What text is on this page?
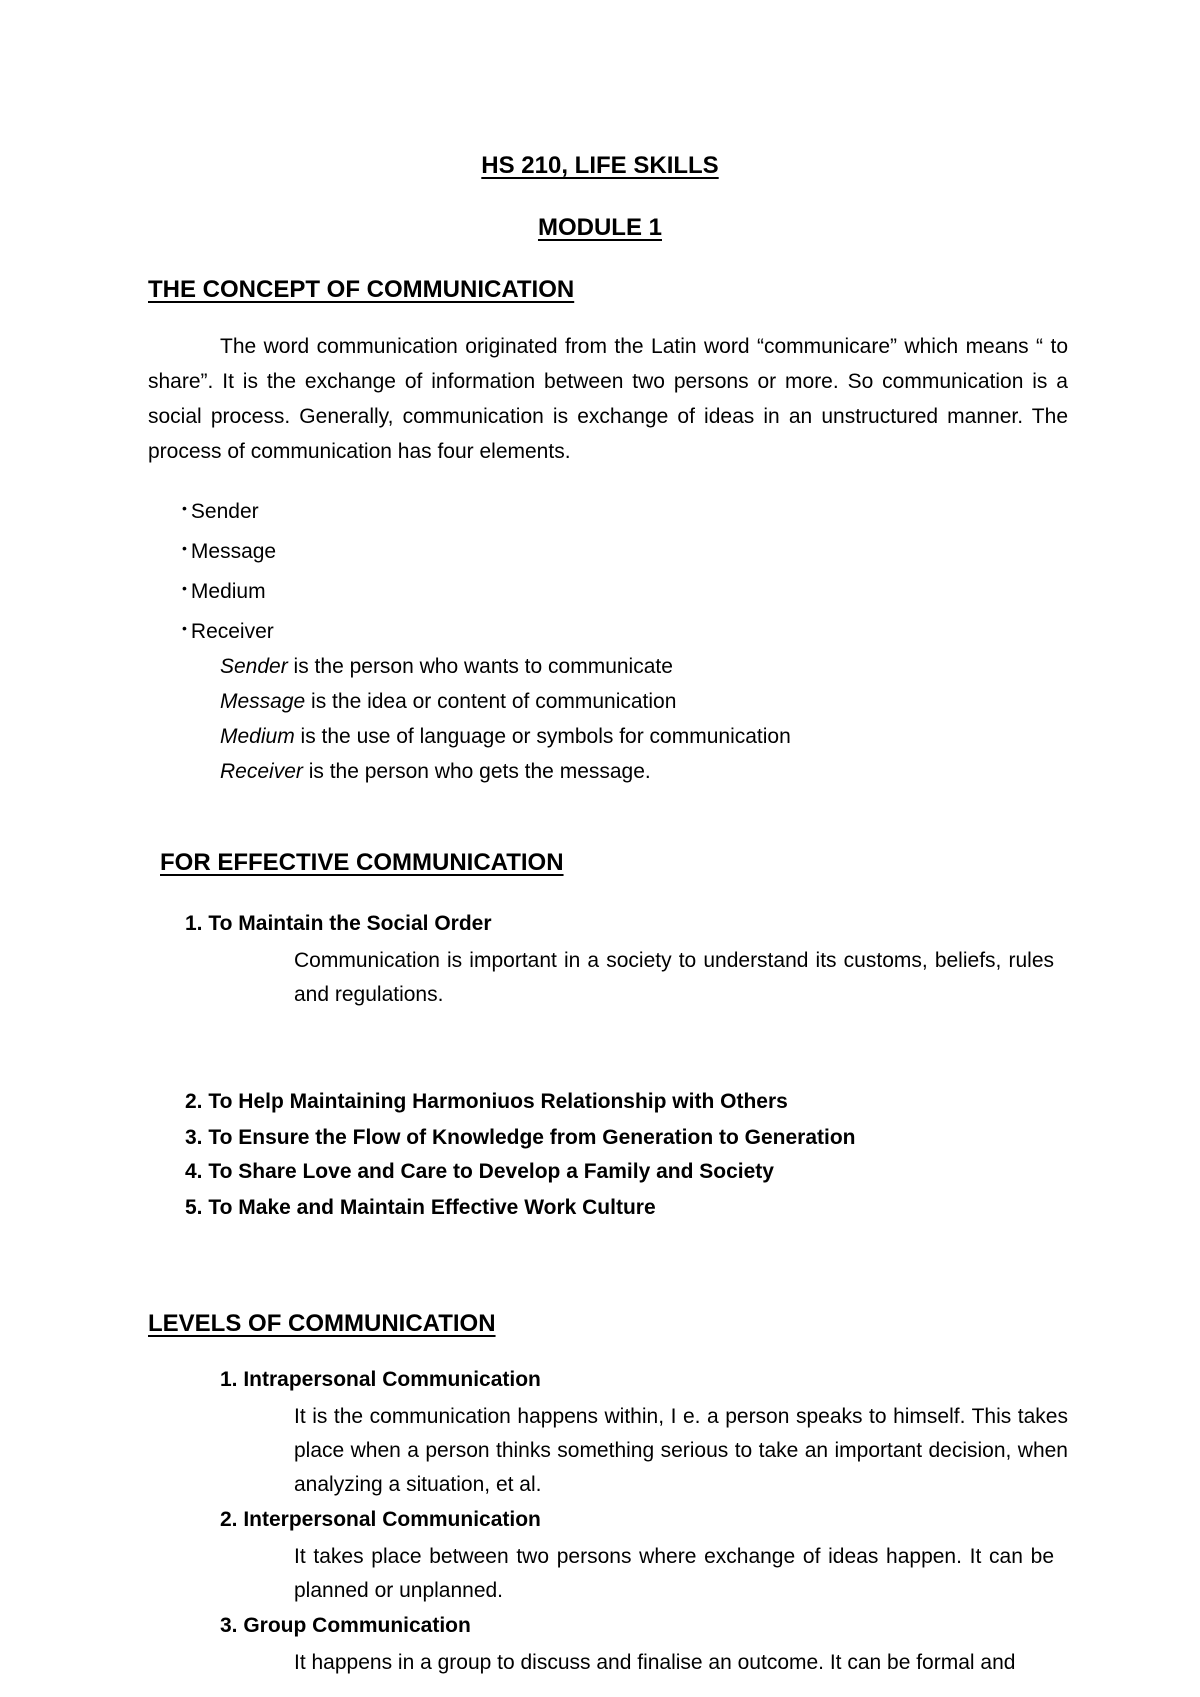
HS 210, LIFE SKILLS
MODULE 1
THE CONCEPT OF COMMUNICATION
The word communication originated from the Latin word “communicare” which means “ to share”. It is the exchange of information between two persons or more. So communication is a social process. Generally, communication is exchange of ideas in an unstructured manner. The process of communication has four elements.
• Sender
• Message
• Medium
• Receiver
Sender is the person who wants to communicate
Message is the idea or content of communication
Medium is the use of language or symbols for communication
Receiver is the person who gets the message.
FOR EFFECTIVE COMMUNICATION
1. To Maintain the Social Order
Communication is important in a society to understand its customs, beliefs, rules and regulations.
2. To Help Maintaining Harmoniuos Relationship with Others
3. To Ensure the Flow of Knowledge from Generation to Generation
4. To Share Love and Care to Develop a Family and Society
5. To Make and Maintain Effective Work Culture
LEVELS OF COMMUNICATION
1. Intrapersonal Communication
It is the communication happens within, I e. a person speaks to himself. This takes place when a person thinks something serious to take an important decision, when analyzing a situation, et al.
2. Interpersonal Communication
It takes place between two persons where exchange of ideas happen. It can be planned or unplanned.
3. Group Communication
It happens in a group to discuss and finalise an outcome. It can be formal and
